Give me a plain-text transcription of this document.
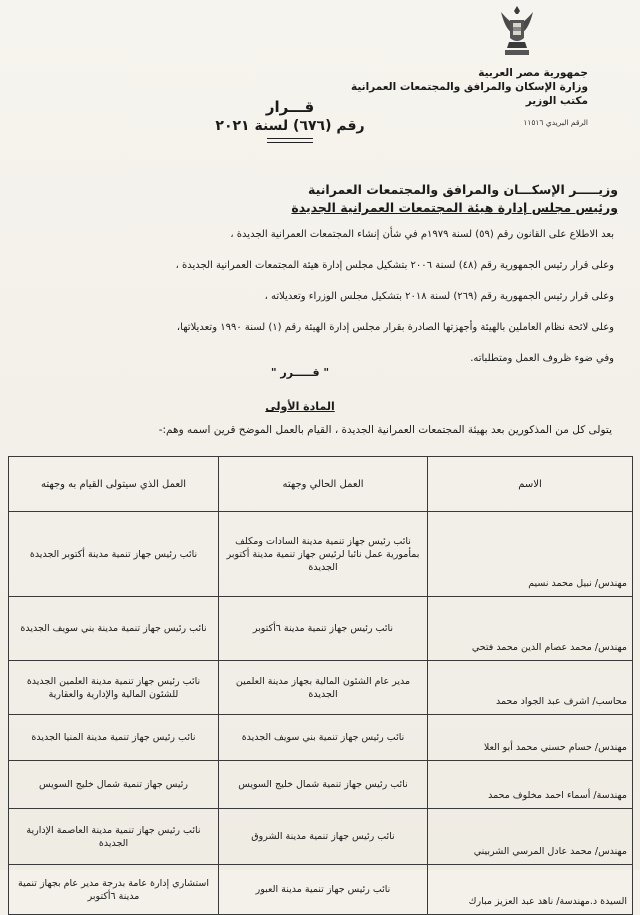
جمهورية مصر العربية
وزارة الإسكان والمرافق والمجتمعات العمرانية
مكتب الوزير
الرقم البريدي ١١٥١٦
قـــرار
رقم (٦٧٦) لسنة ٢٠٢١
وزيـــــر الإسكـــان والمرافق والمجتمعات العمرانية
ورئيس مجلس إدارة هيئة المجتمعات العمرانية الجديدة

بعد الاطلاع على القانون رقم (٥٩) لسنة ١٩٧٩م في شأن إنشاء المجتمعات العمرانية الجديدة ،

وعلى قرار رئيس الجمهورية رقم (٤٨) لسنة ٢٠٠٦ بتشكيل مجلس إدارة هيئة المجتمعات العمرانية الجديدة ،

وعلى قرار رئيس الجمهورية رقم (٢٦٩) لسنة ٢٠١٨ بتشكيل مجلس الوزراء وتعديلاته ،

وعلى لائحة نظام العاملين بالهيئة وأجهزتها الصادرة بقرار مجلس إدارة الهيئة رقم (١) لسنة ١٩٩٠ وتعديلاتها،

وفي ضوء ظروف العمل ومتطلباته.

" قـــــرر "
المادة الأولى
يتولى كل من المذكورين بعد بهيئة المجتمعات العمرانية الجديدة ، القيام بالعمل الموضح قرين اسمه وهم:-
الاسم	العمل الحالي وجهته	العمل الذي سيتولى القيام به وجهته
مهندس/ نبيل محمد نسيم	نائب رئيس جهاز تنمية مدينة السادات ومكلف بمأمورية عمل نائبا لرئيس جهاز تنمية مدينة أكتوبر الجديدة	نائب رئيس جهاز تنمية مدينة أكتوبر الجديدة
مهندس/ محمد عصام الدين محمد فتحي	نائب رئيس جهاز تنمية مدينة ٦أكتوبر	نائب رئيس جهاز تنمية مدينة بني سويف الجديدة
محاسب/ اشرف عبد الجواد محمد	مدير عام الشئون المالية بجهاز مدينة العلمين الجديدة	نائب رئيس جهاز تنمية مدينة العلمين الجديدة للشئون المالية والإدارية والعقارية
مهندس/ حسام حسني محمد أبو العلا	نائب رئيس جهاز تنمية بني سويف الجديدة	نائب رئيس جهاز تنمية مدينة المنيا الجديدة
مهندسة/ أسماء احمد مخلوف محمد	نائب رئيس جهاز تنمية شمال خليج السويس	رئيس جهاز تنمية شمال خليج السويس
مهندس/ محمد عادل المرسي الشربيني	نائب رئيس جهاز تنمية مدينة الشروق	نائب رئيس جهاز تنمية مدينة العاصمة الإدارية الجديدة
السيدة د.مهندسة/ ناهد عبد العزيز مبارك	نائب رئيس جهاز تنمية مدينة العبور	استشاري إدارة عامة بدرجة مدير عام بجهاز تنمية مدينة ٦أكتوبر
